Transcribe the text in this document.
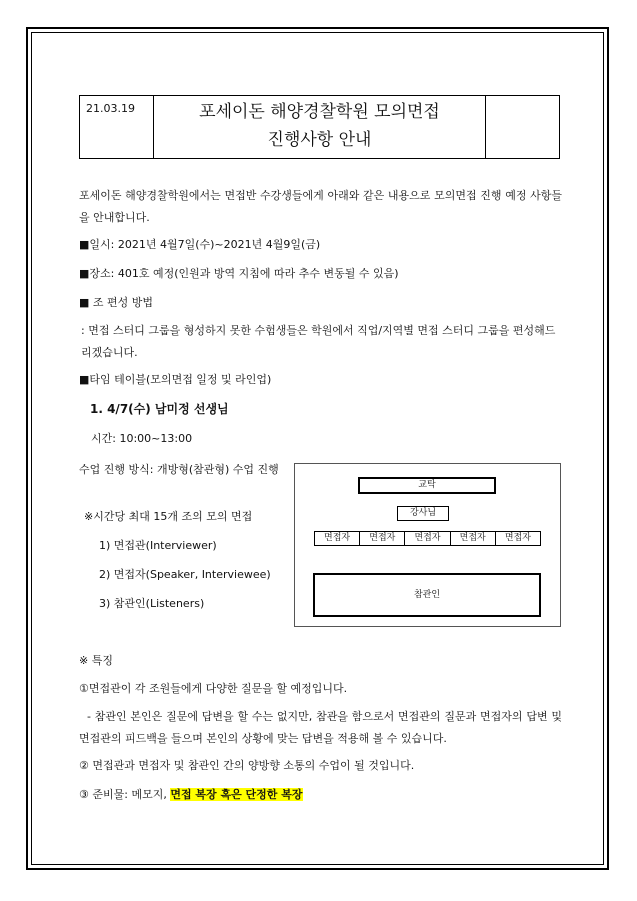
21.03.19	포세이돈 해양경찰학원 모의면접
진행사항 안내
포세이돈 해양경찰학원에서는 면접반 수강생들에게 아래와 같은 내용으로 모의면접 진행 예정 사항들을 안내합니다.
■일시: 2021년 4월7일(수)~2021년 4월9일(금)
■장소: 401호 예정(인원과 방역 지침에 따라 추수 변동될 수 있음)
■ 조 편성 방법
: 면접 스터디 그룹을 형성하지 못한 수험생들은 학원에서 직업/지역별 면접 스터디 그룹을 편성해드리겠습니다.
■타임 테이블(모의면접 일정 및 라인업)
1. 4/7(수) 남미정 선생님
시간: 10:00~13:00
수업 진행 방식: 개방형(참관형) 수업 진행
※시간당 최대 15개 조의 모의 면접
1) 면접관(Interviewer)
2) 면접자(Speaker, Interviewee)
3) 참관인(Listeners)
교탁
강사님
면접자	면접자	면접자	면접자	면접자
참관인
※ 특징
①면접관이 각 조원들에게 다양한 질문을 할 예정입니다.
- 참관인 본인은 질문에 답변을 할 수는 없지만, 참관을 함으로서 면접관의 질문과 면접자의 답변 및 면접관의 피드백을 들으며 본인의 상황에 맞는 답변을 적용해 볼 수 있습니다.
② 면접관과 면접자 및 참관인 간의 양방향 소통의 수업이 될 것입니다.
③ 준비물: 메모지, 면접 복장 혹은 단정한 복장
